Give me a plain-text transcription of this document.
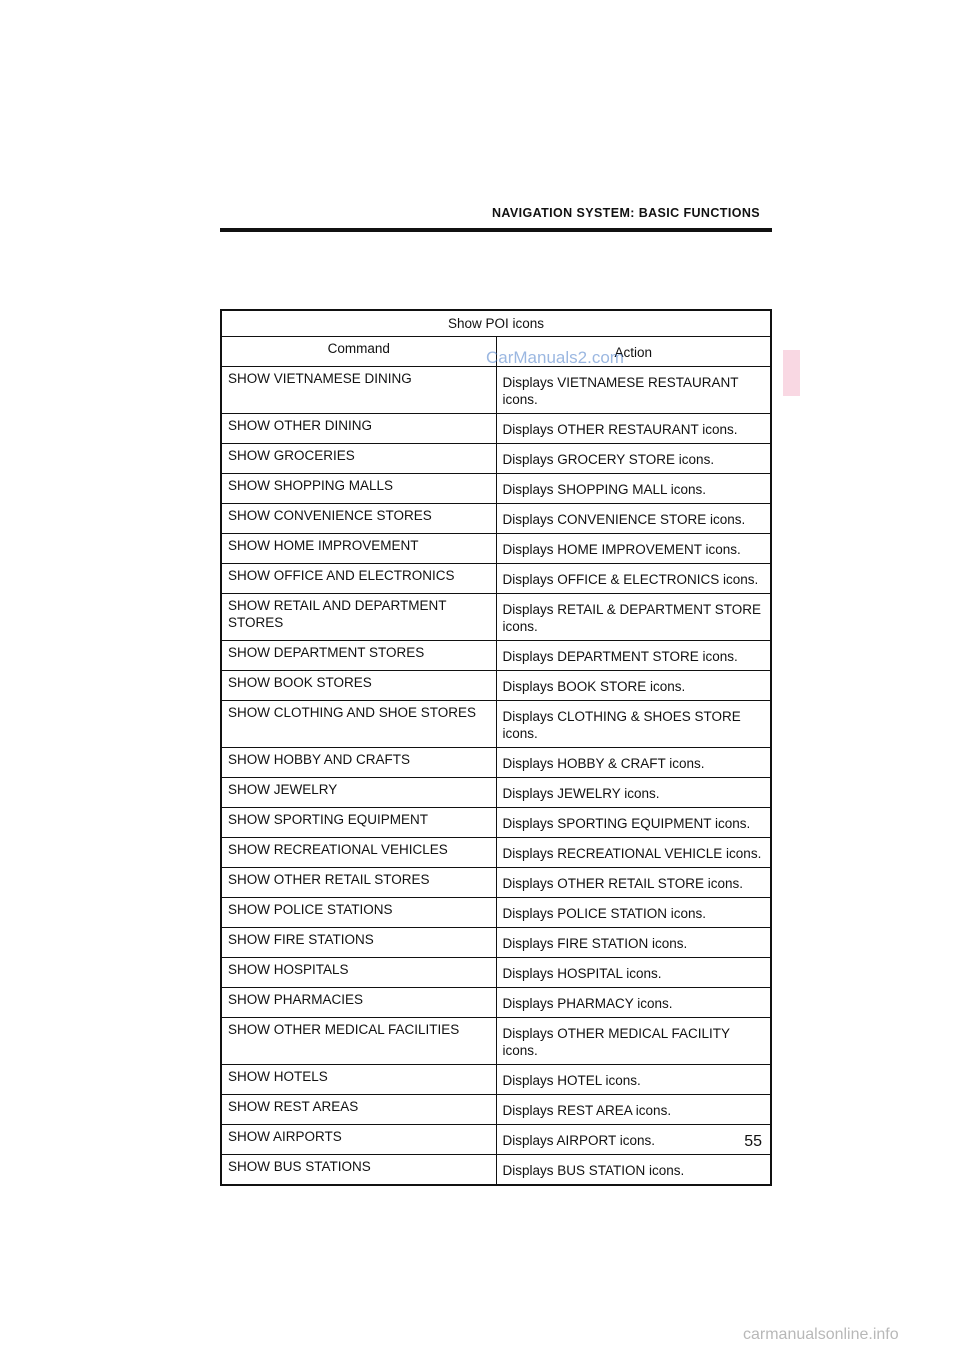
NAVIGATION SYSTEM: BASIC FUNCTIONS
Show POI icons	
Command	Action
SHOW VIETNAMESE DINING	Displays VIETNAMESE RESTAURANT icons.
SHOW OTHER DINING	Displays OTHER RESTAURANT icons.
SHOW GROCERIES	Displays GROCERY STORE icons.
SHOW SHOPPING MALLS	Displays SHOPPING MALL icons.
SHOW CONVENIENCE STORES	Displays CONVENIENCE STORE icons.
SHOW HOME IMPROVEMENT	Displays HOME IMPROVEMENT icons.
SHOW OFFICE AND ELECTRONICS	Displays OFFICE & ELECTRONICS icons.
SHOW RETAIL AND DEPARTMENT STORES	Displays RETAIL & DEPARTMENT STORE icons.
SHOW DEPARTMENT STORES	Displays DEPARTMENT STORE icons.
SHOW BOOK STORES	Displays BOOK STORE icons.
SHOW CLOTHING AND SHOE STORES	Displays CLOTHING & SHOES STORE icons.
SHOW HOBBY AND CRAFTS	Displays HOBBY & CRAFT icons.
SHOW JEWELRY	Displays JEWELRY icons.
SHOW SPORTING EQUIPMENT	Displays SPORTING EQUIPMENT icons.
SHOW RECREATIONAL VEHICLES	Displays RECREATIONAL VEHICLE icons.
SHOW OTHER RETAIL STORES	Displays OTHER RETAIL STORE icons.
SHOW POLICE STATIONS	Displays POLICE STATION icons.
SHOW FIRE STATIONS	Displays FIRE STATION icons.
SHOW HOSPITALS	Displays HOSPITAL icons.
SHOW PHARMACIES	Displays PHARMACY icons.
SHOW OTHER MEDICAL FACILITIES	Displays OTHER MEDICAL FACILITY icons.
SHOW HOTELS	Displays HOTEL icons.
SHOW REST AREAS	Displays REST AREA icons.
SHOW AIRPORTS	Displays AIRPORT icons.
SHOW BUS STATIONS	Displays BUS STATION icons.
CarManuals2.com
55
carmanualsonline.info
